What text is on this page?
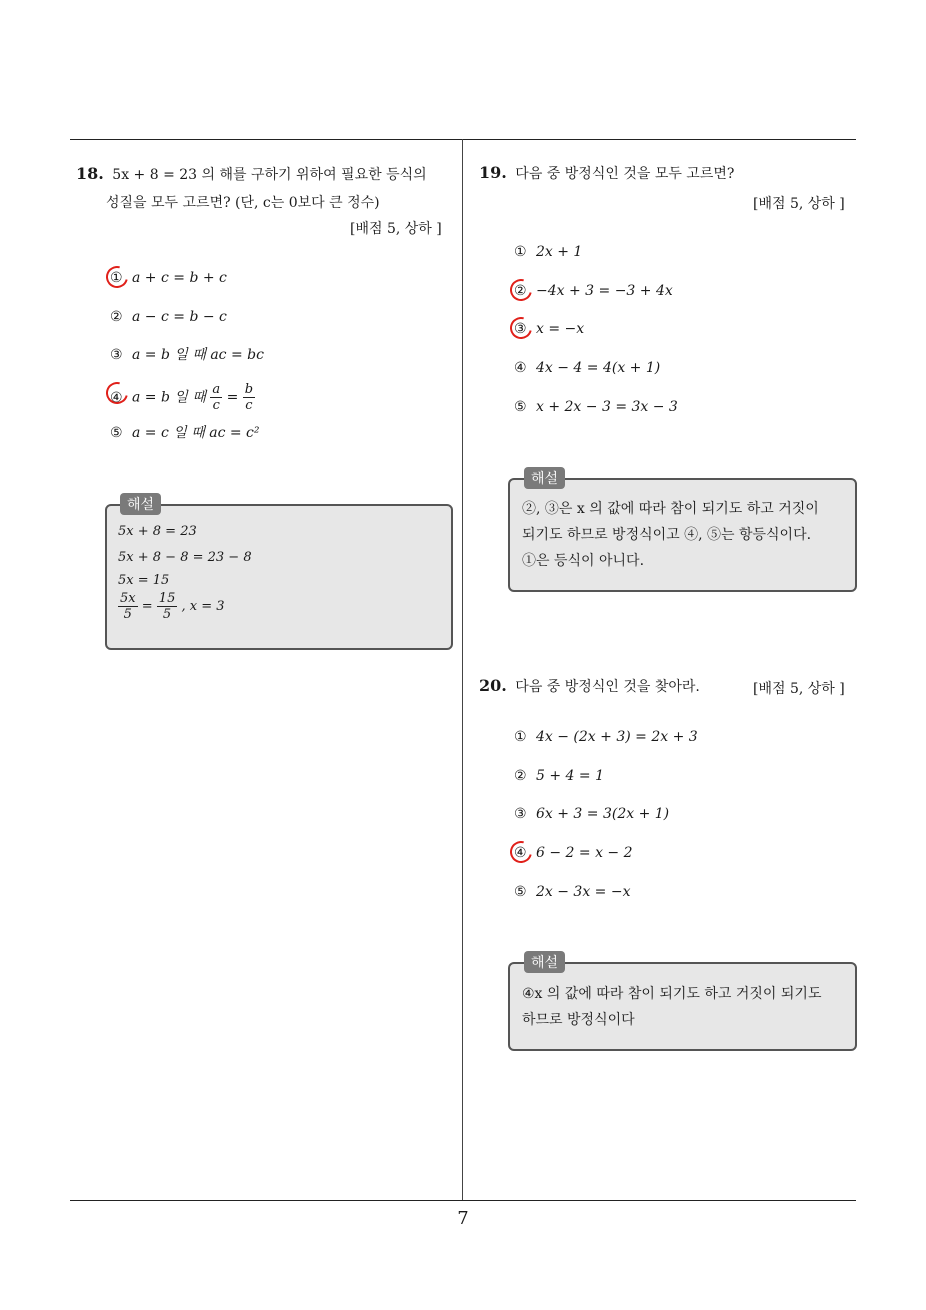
18. 5x + 8 = 23 의 해를 구하기 위하여 필요한 등식의
성질을 모두 고르면? (단, c는 0보다 큰 정수)
[배점 5, 상하 ]
① a + c = b + c
② a − c = b − c
③ a = b 일 때 ac = bc
④ a = b 일 때 $\frac{a}{c} = \frac{b}{c}$
⑤ a = c 일 때 ac = c²
해설
5x + 8 = 23
5x + 8 − 8 = 23 − 8
5x = 15
$\frac{5x}{5} = \frac{15}{5}$ , x = 3
19. 다음 중 방정식인 것을 모두 고르면?
[배점 5, 상하 ]
① 2x + 1
② −4x + 3 = −3 + 4x
③ x = −x
④ 4x − 4 = 4(x + 1)
⑤ x + 2x − 3 = 3x − 3
해설
②, ③은 x 의 값에 따라 참이 되기도 하고 거짓이
되기도 하므로 방정식이고 ④, ⑤는 항등식이다.
①은 등식이 아니다.
20. 다음 중 방정식인 것을 찾아라.	[배점 5, 상하 ]
① 4x − (2x + 3) = 2x + 3
② 5 + 4 = 1
③ 6x + 3 = 3(2x + 1)
④ 6 − 2 = x − 2
⑤ 2x − 3x = −x
해설
④x 의 값에 따라 참이 되기도 하고 거짓이 되기도
하므로 방정식이다
7
